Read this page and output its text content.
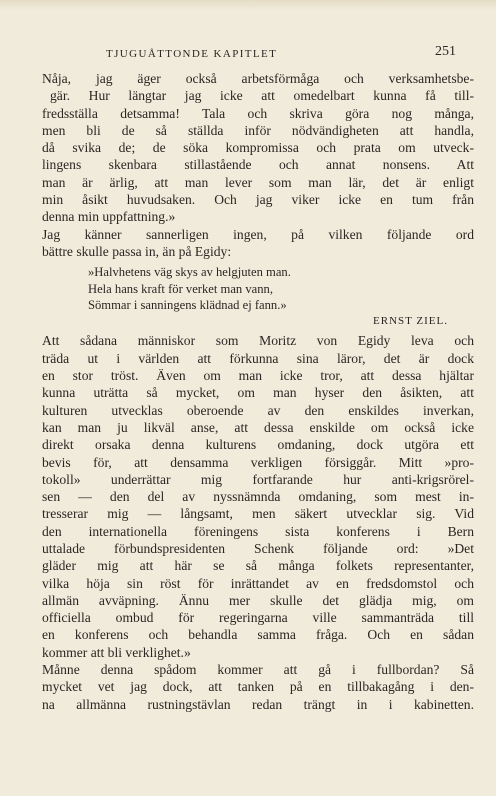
TJUGUÅTTONDE KAPITLET	251
Nåja, jag äger också arbetsförmåga och verksamhetsbe-
gär. Hur längtar jag icke att omedelbart kunna få till-
fredsställa detsamma! Tala och skriva göra nog många,
men bli de så ställda inför nödvändigheten att handla,
då svika de; de söka kompromissa och prata om utveck-
lingens skenbara stillastående och annat nonsens. Att
man är ärlig, att man lever som man lär, det är enligt
min åsikt huvudsaken. Och jag viker icke en tum från
denna min uppfattning.»
Jag känner sannerligen ingen, på vilken följande ord
bättre skulle passa in, än på Egidy:
»Halvhetens väg skys av helgjuten man.
Hela hans kraft för verket man vann,
Sömmar i sanningens klädnad ej fann.»
ERNST ZIEL.
Att sådana människor som Moritz von Egidy leva och
träda ut i världen att förkunna sina läror, det är dock
en stor tröst. Även om man icke tror, att dessa hjältar
kunna uträtta så mycket, om man hyser den åsikten, att
kulturen utvecklas oberoende av den enskildes inverkan,
kan man ju likväl anse, att dessa enskilde om också icke
direkt orsaka denna kulturens omdaning, dock utgöra ett
bevis för, att densamma verkligen försiggår. Mitt »pro-
tokoll» underrättar mig fortfarande hur anti-krigsrörel-
sen — den del av nyssnämnda omdaning, som mest in-
tresserar mig — långsamt, men säkert utvecklar sig. Vid
den internationella föreningens sista konferens i Bern
uttalade förbundspresidenten Schenk följande ord: »Det
gläder mig att här se så många folkets representanter,
vilka höja sin röst för inrättandet av en fredsdomstol och
allmän avväpning. Ännu mer skulle det glädja mig, om
officiella ombud för regeringarna ville sammanträda till
en konferens och behandla samma fråga. Och en sådan
kommer att bli verklighet.»
Månne denna spådom kommer att gå i fullbordan? Så
mycket vet jag dock, att tanken på en tillbakagång i den-
na allmänna rustningstävlan redan trängt in i kabinetten.
